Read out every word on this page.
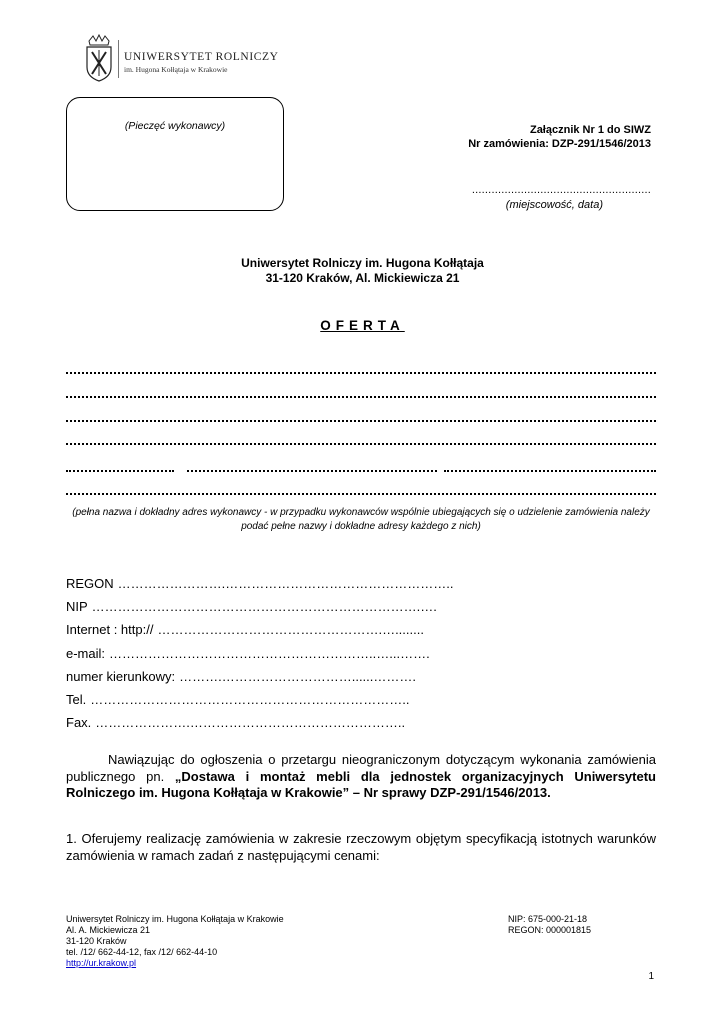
UNIWERSYTET ROLNICZY
im. Hugona Kołłątaja w Krakowie
(Pieczęć wykonawcy)	Załącznik Nr 1 do SIWZ
Nr zamówienia: DZP-291/1546/2013
.......................................................
(miejscowość, data)
Uniwersytet Rolniczy im. Hugona Kołłątaja
31-120 Kraków, Al. Mickiewicza 21
OFERTA
(pełna nazwa i dokładny adres wykonawcy - w przypadku wykonawców wspólnie ubiegających się o udzielenie zamówienia należy podać pełne nazwy i dokładne adresy każdego z nich)
REGON …………………….……………………………………………..
NIP ………………………………………………………………….….
Internet : http:// …………………………………………….…........
e-mail: ……………………………………………………..…...…….
numer kierunkowy: ……….…………………………......……….
Tel. ………………………………………………………………..
Fax. ………………….…………………………………………..
Nawiązując do ogłoszenia o przetargu nieograniczonym dotyczącym wykonania zamówienia publicznego pn. „Dostawa i montaż mebli dla jednostek organizacyjnych Uniwersytetu Rolniczego im. Hugona Kołłątaja w Krakowie” – Nr sprawy DZP-291/1546/2013.
1. Oferujemy realizację zamówienia w zakresie rzeczowym objętym specyfikacją istotnych warunków zamówienia w ramach zadań z następującymi cenami:
Uniwersytet Rolniczy im. Hugona Kołłątaja w Krakowie
Al. A. Mickiewicza 21
31-120 Kraków
tel. /12/ 662-44-12, fax /12/ 662-44-10
http://ur.krakow.pl
NIP: 675-000-21-18
REGON: 000001815
1
